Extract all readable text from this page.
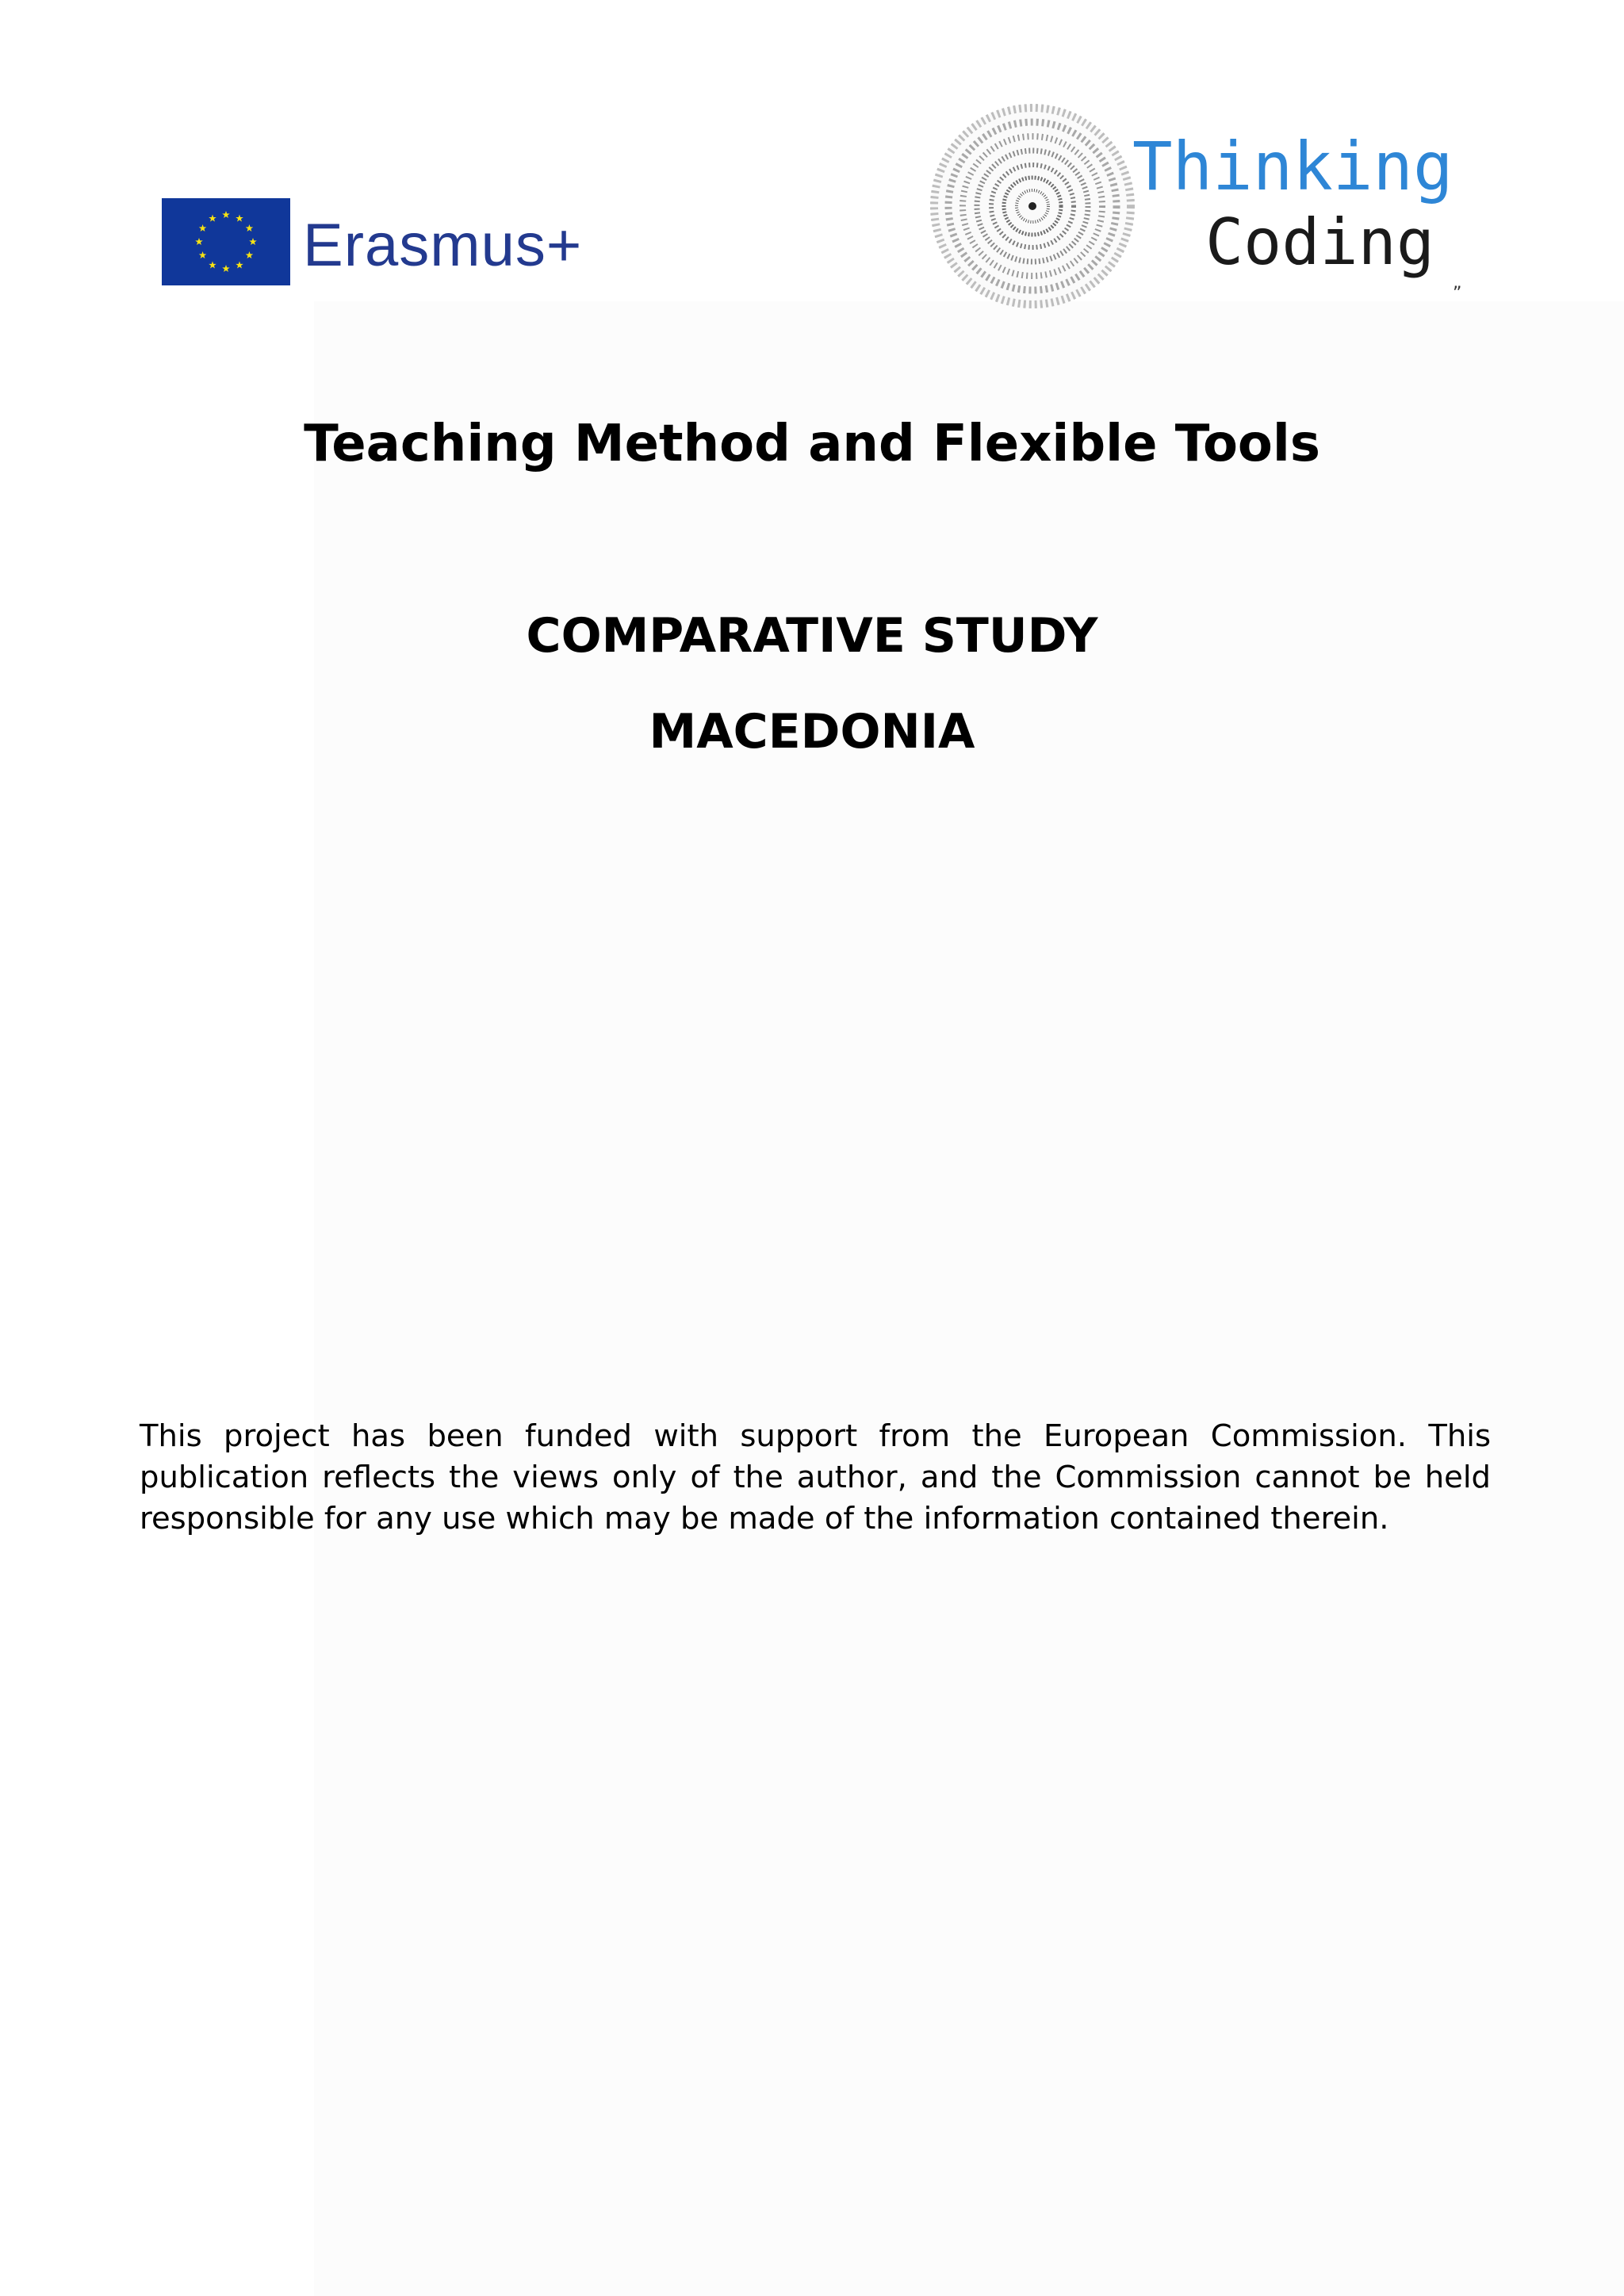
Erasmus+
Thinking
Coding
”
Teaching Method and Flexible Tools
COMPARATIVE STUDY
MACEDONIA

This project has been funded with support from the European Commission. This publication reflects the views only of the author, and the Commission cannot be held responsible for any use which may be made of the information contained therein.
